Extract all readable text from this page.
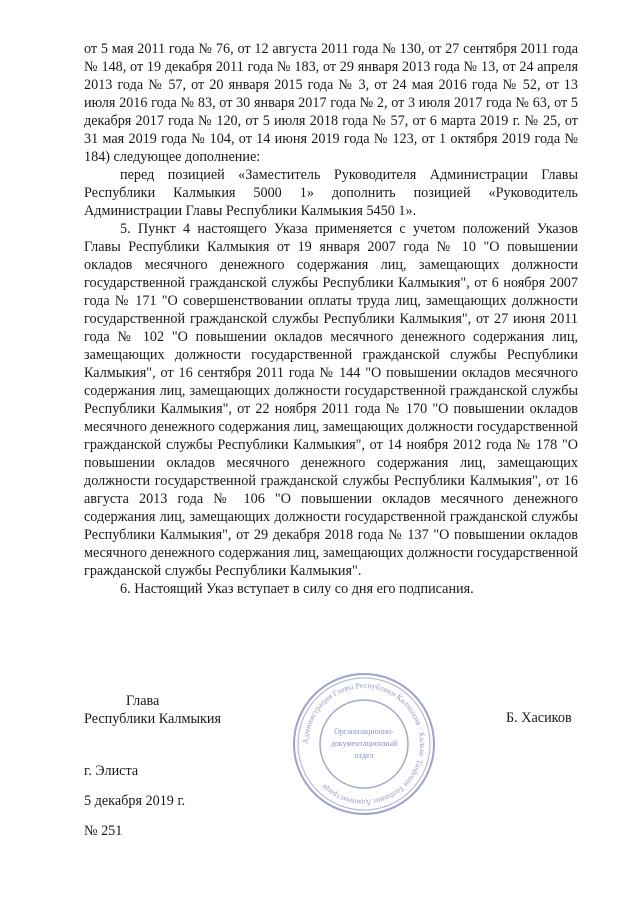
от 5 мая 2011 года № 76, от 12 августа 2011 года № 130, от 27 сентября 2011 года № 148, от 19 декабря 2011 года № 183, от 29 января 2013 года № 13, от 24 апреля 2013 года № 57, от 20 января 2015 года № 3, от 24 мая 2016 года № 52, от 13 июля 2016 года № 83, от 30 января 2017 года № 2, от 3 июля 2017 года № 63, от 5 декабря 2017 года № 120, от 5 июля 2018 года № 57, от 6 марта 2019 г. № 25, от 31 мая 2019 года № 104, от 14 июня 2019 года № 123, от 1 октября 2019 года № 184) следующее дополнение:

перед позицией «Заместитель Руководителя Администрации Главы Республики Калмыкия 5000 1» дополнить позицией «Руководитель Администрации Главы Республики Калмыкия 5450 1».

5. Пункт 4 настоящего Указа применяется с учетом положений Указов Главы Республики Калмыкия от 19 января 2007 года № 10 "О повышении окладов месячного денежного содержания лиц, замещающих должности государственной гражданской службы Республики Калмыкия", от 6 ноября 2007 года № 171 "О совершенствовании оплаты труда лиц, замещающих должности государственной гражданской службы Республики Калмыкия", от 27 июня 2011 года № 102 "О повышении окладов месячного денежного содержания лиц, замещающих должности государственной гражданской службы Республики Калмыкия", от 16 сентября 2011 года № 144 "О повышении окладов месячного содержания лиц, замещающих должности государственной гражданской службы Республики Калмыкия", от 22 ноября 2011 года № 170 "О повышении окладов месячного денежного содержания лиц, замещающих должности государственной гражданской службы Республики Калмыкия", от 14 ноября 2012 года № 178 "О повышении окладов месячного денежного содержания лиц, замещающих должности государственной гражданской службы Республики Калмыкия", от 16 августа 2013 года № 106 "О повышении окладов месячного денежного содержания лиц, замещающих должности государственной гражданской службы Республики Калмыкия", от 29 декабря 2018 года № 137 "О повышении окладов месячного денежного содержания лиц, замещающих должности государственной гражданской службы Республики Калмыкия".

6. Настоящий Указ вступает в силу со дня его подписания.

Глава
Республики Калмыкия
Администрация Главы Республики Калмыкия · Хальмг Таңһчин Толһачин Администраци
Организационно-
документационный
отдел
Б. Хасиков
г. Элиста
5 декабря 2019 г.
№ 251
